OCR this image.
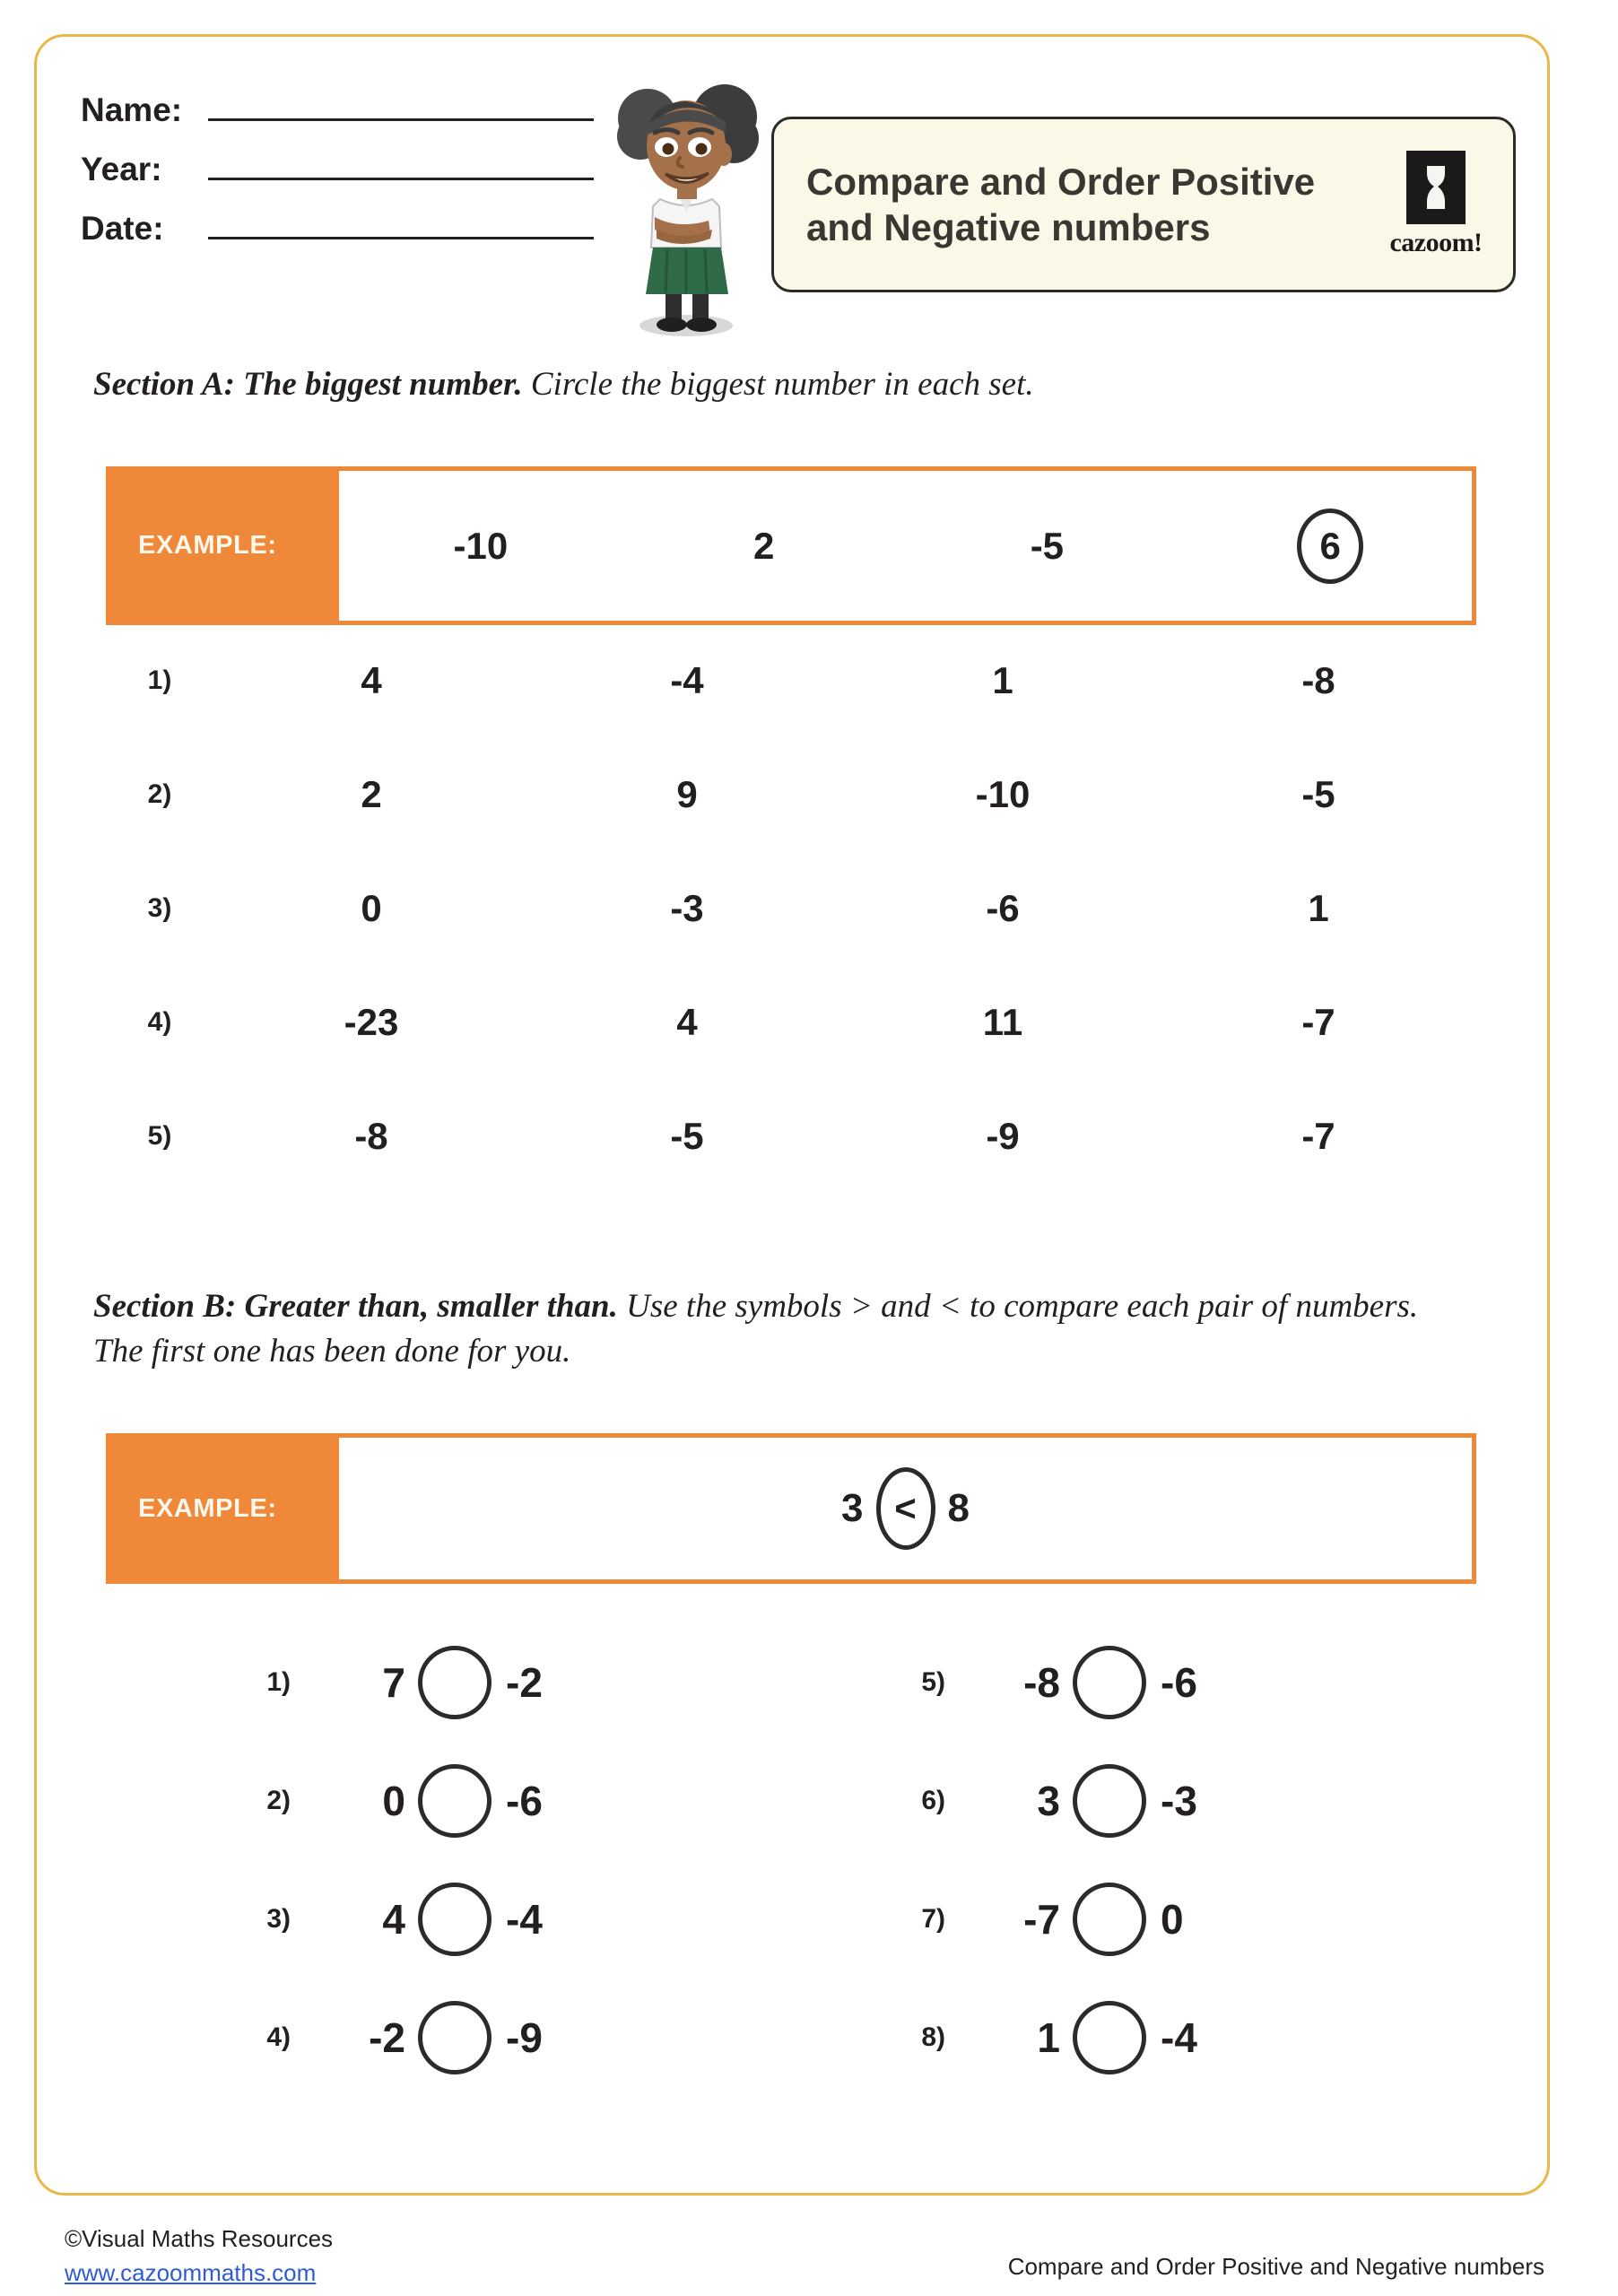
Name:
Year:
Date:
Compare and Order Positive and Negative numbers	cazoom!
Section A: The biggest number. Circle the biggest number in each set.
EXAMPLE:	-10	2	-5	6
1)	4	-4	1	-8
2)	2	9	-10	-5
3)	0	-3	-6	1
4)	-23	4	11	-7
5)	-8	-5	-9	-7
Section B: Greater than, smaller than. Use the symbols > and < to compare each pair of numbers. The first one has been done for you.
EXAMPLE:	3 < 8
1)	7	-2
2)	0	-6
3)	4	-4
4)	-2	-9
5)	-8	-6
6)	3	-3
7)	-7	0
8)	1	-4
©Visual Maths Resources
www.cazoommaths.com	Compare and Order Positive and Negative numbers
